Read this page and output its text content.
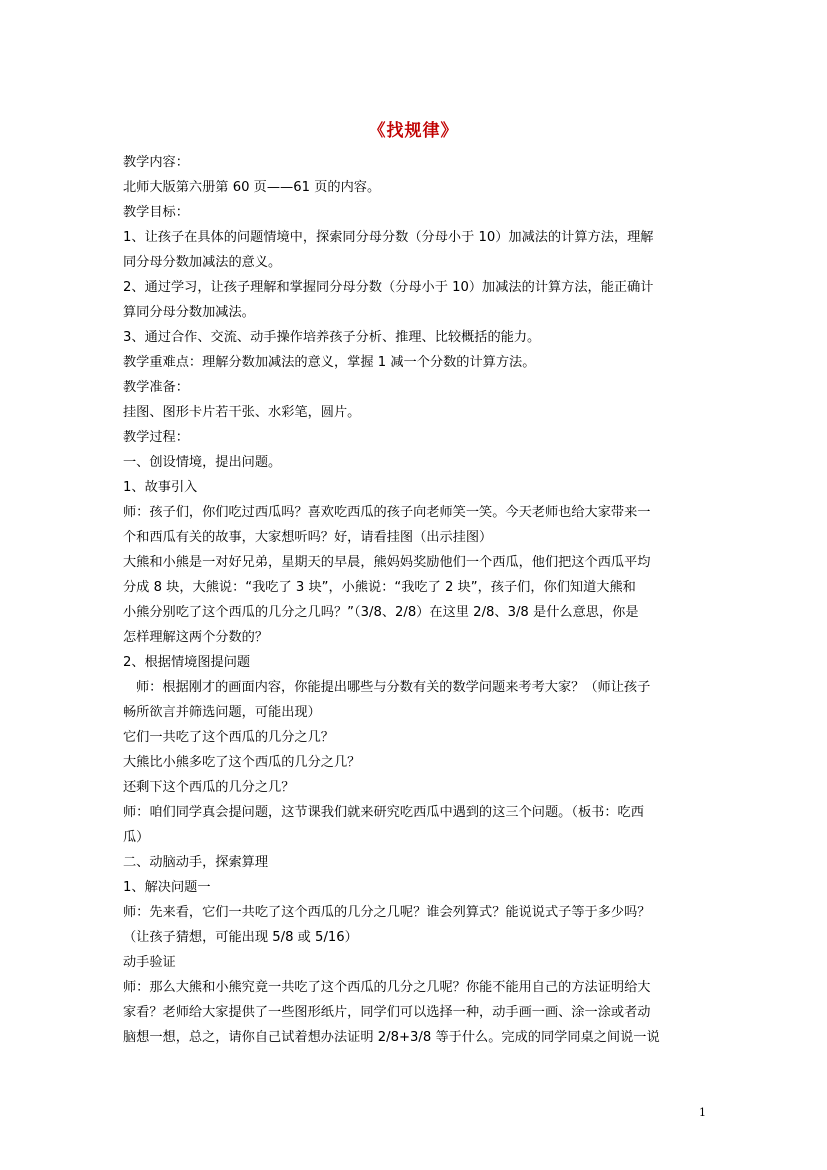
《找规律》

教学内容：

北师大版第六册第 60 页——61 页的内容。

教学目标：

1、让孩子在具体的问题情境中，探索同分母分数（分母小于 10）加减法的计算方法，理解

同分母分数加减法的意义。

2、通过学习，让孩子理解和掌握同分母分数（分母小于 10）加减法的计算方法，能正确计

算同分母分数加减法。

3、通过合作、交流、动手操作培养孩子分析、推理、比较概括的能力。

教学重难点：理解分数加减法的意义，掌握 1 减一个分数的计算方法。

教学准备：

挂图、图形卡片若干张、水彩笔，圆片。

教学过程：

一、创设情境，提出问题。

1、故事引入

师：孩子们，你们吃过西瓜吗？喜欢吃西瓜的孩子向老师笑一笑。今天老师也给大家带来一

个和西瓜有关的故事，大家想听吗？好，请看挂图（出示挂图）

大熊和小熊是一对好兄弟，星期天的早晨，熊妈妈奖励他们一个西瓜，他们把这个西瓜平均

分成 8 块，大熊说：“我吃了 3 块”，小熊说：“我吃了 2 块”，孩子们，你们知道大熊和

小熊分别吃了这个西瓜的几分之几吗？”（3/8、2/8）在这里 2/8、3/8 是什么意思，你是

怎样理解这两个分数的？

2、根据情境图提问题

师：根据刚才的画面内容，你能提出哪些与分数有关的数学问题来考考大家？（师让孩子

畅所欲言并筛选问题，可能出现）

它们一共吃了这个西瓜的几分之几？

大熊比小熊多吃了这个西瓜的几分之几？

还剩下这个西瓜的几分之几？

师：咱们同学真会提问题，这节课我们就来研究吃西瓜中遇到的这三个问题。（板书：吃西

瓜）

二、动脑动手，探索算理

1、解决问题一

师：先来看，它们一共吃了这个西瓜的几分之几呢？谁会列算式？能说说式子等于多少吗？

（让孩子猜想，可能出现 5/8 或 5/16）

动手验证

师：那么大熊和小熊究竟一共吃了这个西瓜的几分之几呢？你能不能用自己的方法证明给大

家看？老师给大家提供了一些图形纸片，同学们可以选择一种，动手画一画、涂一涂或者动

脑想一想，总之，请你自己试着想办法证明 2/8+3/8 等于什么。完成的同学同桌之间说一说

1
